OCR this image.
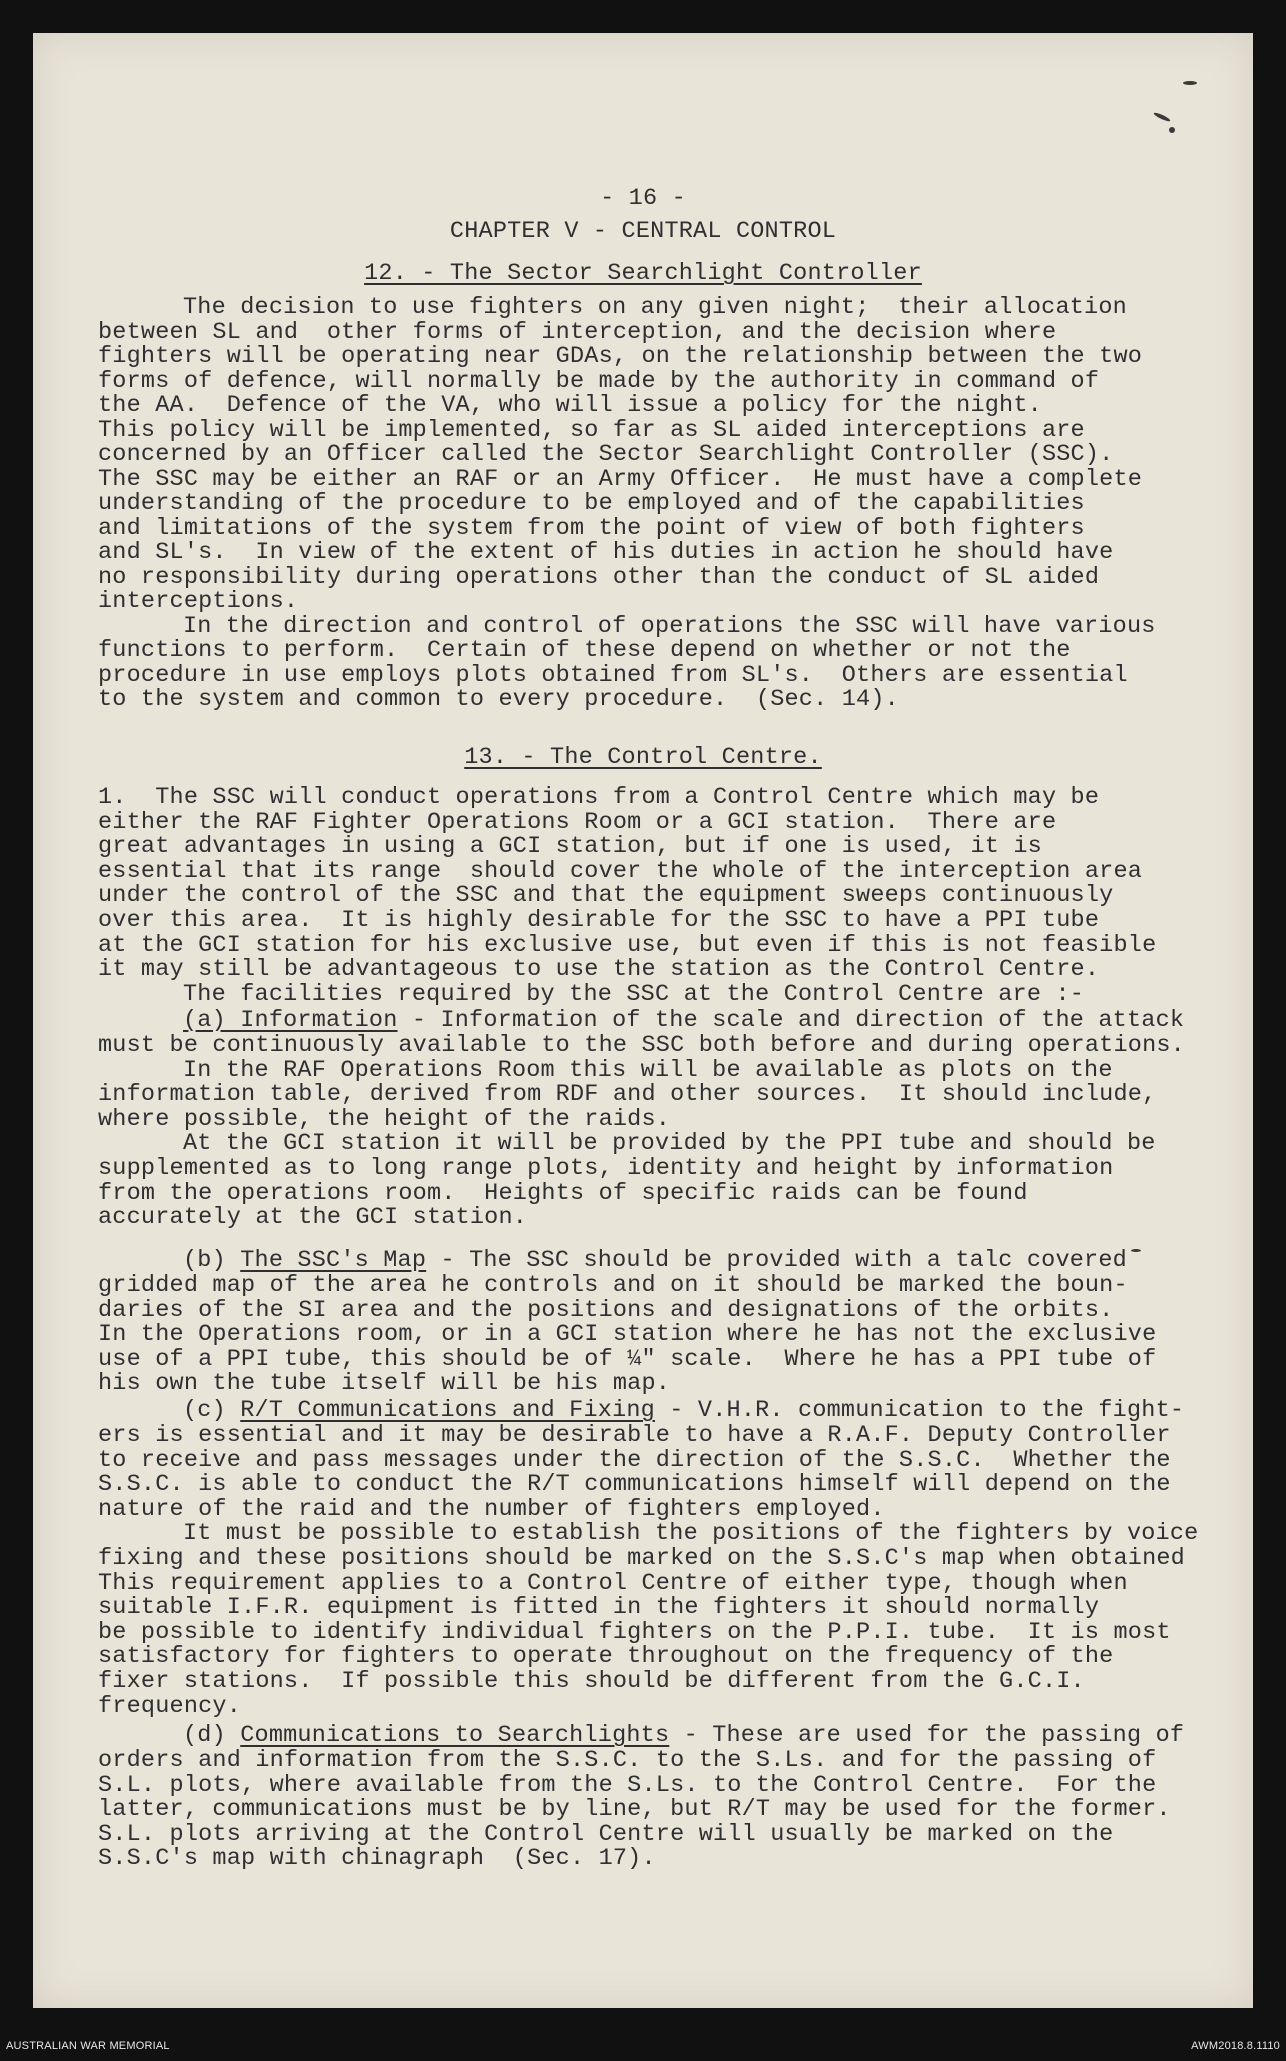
- 16 -
CHAPTER V - CENTRAL CONTROL
12. - The Sector Searchlight Controller
13. - The Control Centre.
(a) Information - Information of the scale and direction of the attack
(b) The SSC's Map - The SSC should be provided with a talc covered
(c) R/T Communications and Fixing - V.H.R. communication to the fight-
(d) Communications to Searchlights - These are used for the passing of
The decision to use fighters on any given night;  their allocation
between SL and  other forms of interception, and the decision where
fighters will be operating near GDAs, on the relationship between the two
forms of defence, will normally be made by the authority in command of
the AA.  Defence of the VA, who will issue a policy for the night.
This policy will be implemented, so far as SL aided interceptions are
concerned by an Officer called the Sector Searchlight Controller (SSC).
The SSC may be either an RAF or an Army Officer.  He must have a complete
understanding of the procedure to be employed and of the capabilities
and limitations of the system from the point of view of both fighters
and SL's.  In view of the extent of his duties in action he should have
no responsibility during operations other than the conduct of SL aided
interceptions.
In the direction and control of operations the SSC will have various
functions to perform.  Certain of these depend on whether or not the
procedure in use employs plots obtained from SL's.  Others are essential
to the system and common to every procedure.  (Sec. 14).
1.  The SSC will conduct operations from a Control Centre which may be
either the RAF Fighter Operations Room or a GCI station.  There are
great advantages in using a GCI station, but if one is used, it is
essential that its range  should cover the whole of the interception area
under the control of the SSC and that the equipment sweeps continuously
over this area.  It is highly desirable for the SSC to have a PPI tube
at the GCI station for his exclusive use, but even if this is not feasible
it may still be advantageous to use the station as the Control Centre.
The facilities required by the SSC at the Control Centre are :-
must be continuously available to the SSC both before and during operations.
In the RAF Operations Room this will be available as plots on the
information table, derived from RDF and other sources.  It should include,
where possible, the height of the raids.
At the GCI station it will be provided by the PPI tube and should be
supplemented as to long range plots, identity and height by information
from the operations room.  Heights of specific raids can be found
accurately at the GCI station.
gridded map of the area he controls and on it should be marked the boun-
daries of the SI area and the positions and designations of the orbits.
In the Operations room, or in a GCI station where he has not the exclusive
use of a PPI tube, this should be of ¼" scale.  Where he has a PPI tube of
his own the tube itself will be his map.
ers is essential and it may be desirable to have a R.A.F. Deputy Controller
to receive and pass messages under the direction of the S.S.C.  Whether the
S.S.C. is able to conduct the R/T communications himself will depend on the
nature of the raid and the number of fighters employed.
It must be possible to establish the positions of the fighters by voice
fixing and these positions should be marked on the S.S.C's map when obtained
This requirement applies to a Control Centre of either type, though when
suitable I.F.R. equipment is fitted in the fighters it should normally
be possible to identify individual fighters on the P.P.I. tube.  It is most
satisfactory for fighters to operate throughout on the frequency of the
fixer stations.  If possible this should be different from the G.C.I.
frequency.
orders and information from the S.S.C. to the S.Ls. and for the passing of
S.L. plots, where available from the S.Ls. to the Control Centre.  For the
latter, communications must be by line, but R/T may be used for the former.
S.L. plots arriving at the Control Centre will usually be marked on the
S.S.C's map with chinagraph  (Sec. 17).
AUSTRALIAN WAR MEMORIAL	AWM2018.8.1110
